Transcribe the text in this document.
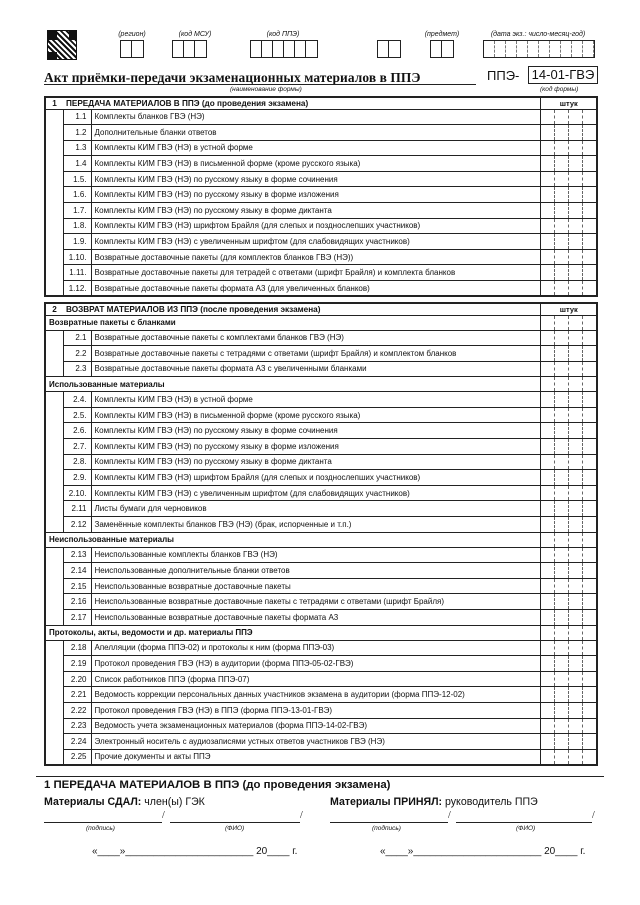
(регион)	(код МСУ)	(код ППЭ)	(предмет)	(дата экз.: число-месяц-год)
Акт приёмки-передачи экзаменационных материалов в ППЭ
(наименование формы)
ППЭ- 14-01-ГВЭ
(код формы)
1	ПЕРЕДАЧА МАТЕРИАЛОВ В ППЭ (до проведения экзамена)		штук			
	1.1	Комплекты бланков ГВЭ (НЭ)				
	1.2	Дополнительные бланки ответов				
	1.3	Комплекты КИМ ГВЭ (НЭ) в устной форме				
	1.4	Комплекты КИМ ГВЭ (НЭ) в письменной форме (кроме русского языка)				
	1.5.	Комплекты КИМ ГВЭ (НЭ) по русскому языку в форме сочинения				
	1.6.	Комплекты КИМ ГВЭ (НЭ) по русскому языку в форме изложения				
	1.7.	Комплекты КИМ ГВЭ (НЭ) по русскому языку в форме диктанта				
	1.8.	Комплекты КИМ ГВЭ (НЭ) шрифтом Брайля (для слепых и позднослепших участников)				
	1.9.	Комплекты КИМ ГВЭ (НЭ) с увеличенным шрифтом (для слабовидящих участников)				
	1.10.	Возвратные доставочные пакеты (для комплектов бланков ГВЭ (НЭ))				
	1.11.	Возвратные доставочные пакеты для тетрадей с ответами (шрифт Брайля) и комплекта бланков				
	1.12.	Возвратные доставочные пакеты формата А3 (для увеличенных бланков)				
2	ВОЗВРАТ МАТЕРИАЛОВ ИЗ ППЭ (после проведения экзамена)		штук			
Возвратные пакеты с бланками						
	2.1	Возвратные доставочные пакеты с комплектами бланков ГВЭ (НЭ)				
	2.2	Возвратные доставочные пакеты с тетрадями с ответами (шрифт Брайля) и комплектом бланков				
	2.3	Возвратные доставочные пакеты формата А3 с увеличенными бланками				
Использованные материалы						
	2.4.	Комплекты КИМ ГВЭ (НЭ) в устной форме				
	2.5.	Комплекты КИМ ГВЭ (НЭ) в письменной форме (кроме русского языка)				
	2.6.	Комплекты КИМ ГВЭ (НЭ) по русскому языку в форме сочинения				
	2.7.	Комплекты КИМ ГВЭ (НЭ) по русскому языку в форме изложения				
	2.8.	Комплекты КИМ ГВЭ (НЭ) по русскому языку в форме диктанта				
	2.9.	Комплекты КИМ ГВЭ (НЭ) шрифтом Брайля (для слепых и позднослепших участников)				
	2.10.	Комплекты КИМ ГВЭ (НЭ) с увеличенным шрифтом (для слабовидящих участников)				
	2.11	Листы бумаги для черновиков				
	2.12	Заменённые комплекты бланков ГВЭ (НЭ) (брак, испорченные и т.п.)				
Неиспользованные материалы						
	2.13	Неиспользованные комплекты бланков ГВЭ (НЭ)				
	2.14	Неиспользованные дополнительные бланки ответов				
	2.15	Неиспользованные возвратные доставочные пакеты				
	2.16	Неиспользованные возвратные доставочные пакеты с тетрадями с ответами (шрифт Брайля)				
	2.17	Неиспользованные возвратные доставочные пакеты формата А3				
Протоколы, акты, ведомости и др. материалы ППЭ						
	2.18	Апелляции (форма ППЭ-02) и протоколы к ним (форма ППЭ-03)				
	2.19	Протокол проведения ГВЭ (НЭ) в аудитории (форма ППЭ-05-02-ГВЭ)				
	2.20	Список работников ППЭ (форма ППЭ-07)				
	2.21	Ведомость коррекции персональных данных участников экзамена в аудитории (форма ППЭ-12-02)				
	2.22	Протокол проведения ГВЭ (НЭ) в ППЭ (форма ППЭ-13-01-ГВЭ)				
	2.23	Ведомость учета экзаменационных материалов (форма ППЭ-14-02-ГВЭ)				
	2.24	Электронный носитель с аудиозаписями устных ответов участников ГВЭ (НЭ)				
	2.25	Прочие документы и акты ППЭ				
1 ПЕРЕДАЧА МАТЕРИАЛОВ В ППЭ (до проведения экзамена)
Материалы СДАЛ: член(ы) ГЭК	Материалы ПРИНЯЛ: руководитель ППЭ
/	/
(подпись)	(ФИО)
/	/
(подпись)	(ФИО)
«____»_______________________ 20____ г.	«____»_______________________ 20____ г.
